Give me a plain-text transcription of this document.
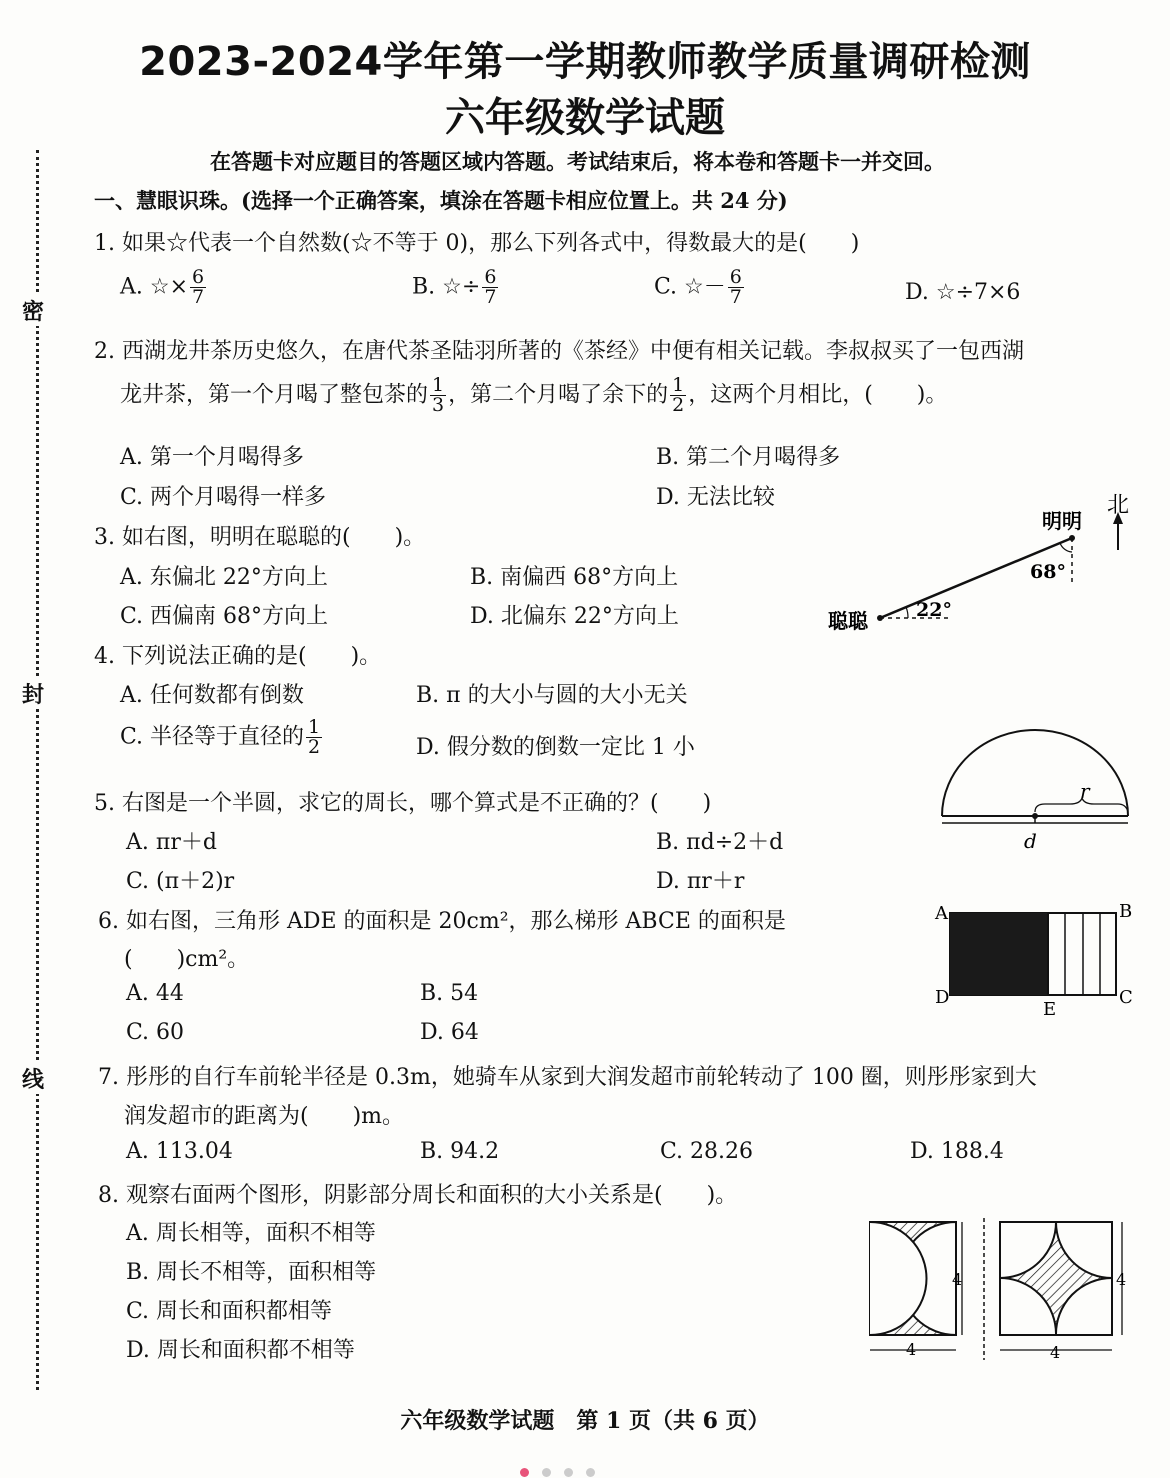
2023-2024学年第一学期教师教学质量调研检测
六年级数学试题
在答题卡对应题目的答题区域内答题。考试结束后，将本卷和答题卡一并交回。
密
封
线
一、慧眼识珠。(选择一个正确答案，填涂在答题卡相应位置上。共 24 分)
1. 如果☆代表一个自然数(☆不等于 0)，那么下列各式中，得数最大的是(　　)
A. ☆× $\frac{6}{7}$	B. ☆÷ $\frac{6}{7}$	C. ☆－ $\frac{6}{7}$	D. ☆÷7×6
2. 西湖龙井茶历史悠久，在唐代茶圣陆羽所著的《茶经》中便有相关记载。李叔叔买了一包西湖
龙井茶，第一个月喝了整包茶的 $\frac{1}{3}$ ，第二个月喝了余下的 $\frac{1}{2}$ ，这两个月相比，(　　)。
A. 第一个月喝得多	B. 第二个月喝得多
C. 两个月喝得一样多	D. 无法比较
3. 如右图，明明在聪聪的(　　)。
A. 东偏北 22°方向上	B. 南偏西 68°方向上
C. 西偏南 68°方向上	D. 北偏东 22°方向上
北
明明
聪聪
68°
22°
4. 下列说法正确的是(　　)。
A. 任何数都有倒数	B. π 的大小与圆的大小无关
C. 半径等于直径的 $\frac{1}{2}$	D. 假分数的倒数一定比 1 小
5. 右图是一个半圆，求它的周长，哪个算式是不正确的？(　　)
A. πr＋d	B. πd÷2＋d
C. (π＋2)r	D. πr＋r
r
d
6. 如右图，三角形 ADE 的面积是 20cm²，那么梯形 ABCE 的面积是
(　　)cm²。
A. 44	B. 54
C. 60	D. 64
A	B
C
D
E
7. 彤彤的自行车前轮半径是 0.3m，她骑车从家到大润发超市前轮转动了 100 圈，则彤彤家到大
润发超市的距离为(　　)m。
A. 113.04	B. 94.2	C. 28.26	D. 188.4
8. 观察右面两个图形，阴影部分周长和面积的大小关系是(　　)。
A. 周长相等，面积不相等
B. 周长不相等，面积相等
C. 周长和面积都相等
D. 周长和面积都不相等
4
4
4
4
六年级数学试题　第 1 页（共 6 页）
